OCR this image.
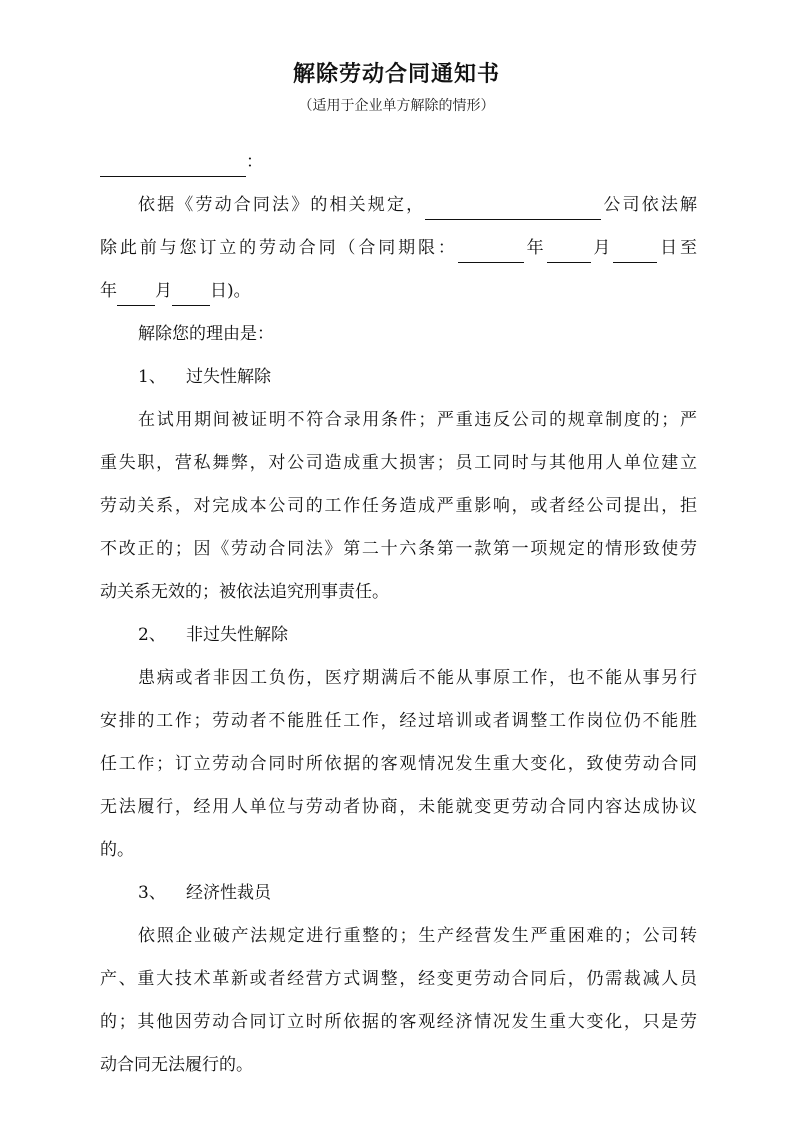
解除劳动合同通知书
（适用于企业单方解除的情形）
：
依据《劳动合同法》的相关规定，	公司依法解
除此前与您订立的劳动合同（合同期限：	年	月	日至
年 月 日)。
解除您的理由是：
1、 过失性解除
在试用期间被证明不符合录用条件；严重违反公司的规章制度的；严
重失职，营私舞弊，对公司造成重大损害；员工同时与其他用人单位建立
劳动关系，对完成本公司的工作任务造成严重影响，或者经公司提出，拒
不改正的；因《劳动合同法》第二十六条第一款第一项规定的情形致使劳
动关系无效的；被依法追究刑事责任。
2、 非过失性解除
患病或者非因工负伤，医疗期满后不能从事原工作，也不能从事另行
安排的工作；劳动者不能胜任工作，经过培训或者调整工作岗位仍不能胜
任工作；订立劳动合同时所依据的客观情况发生重大变化，致使劳动合同
无法履行，经用人单位与劳动者协商，未能就变更劳动合同内容达成协议
的。
3、 经济性裁员
依照企业破产法规定进行重整的；生产经营发生严重困难的；公司转
产、重大技术革新或者经营方式调整，经变更劳动合同后，仍需裁减人员
的；其他因劳动合同订立时所依据的客观经济情况发生重大变化，只是劳
动合同无法履行的。
